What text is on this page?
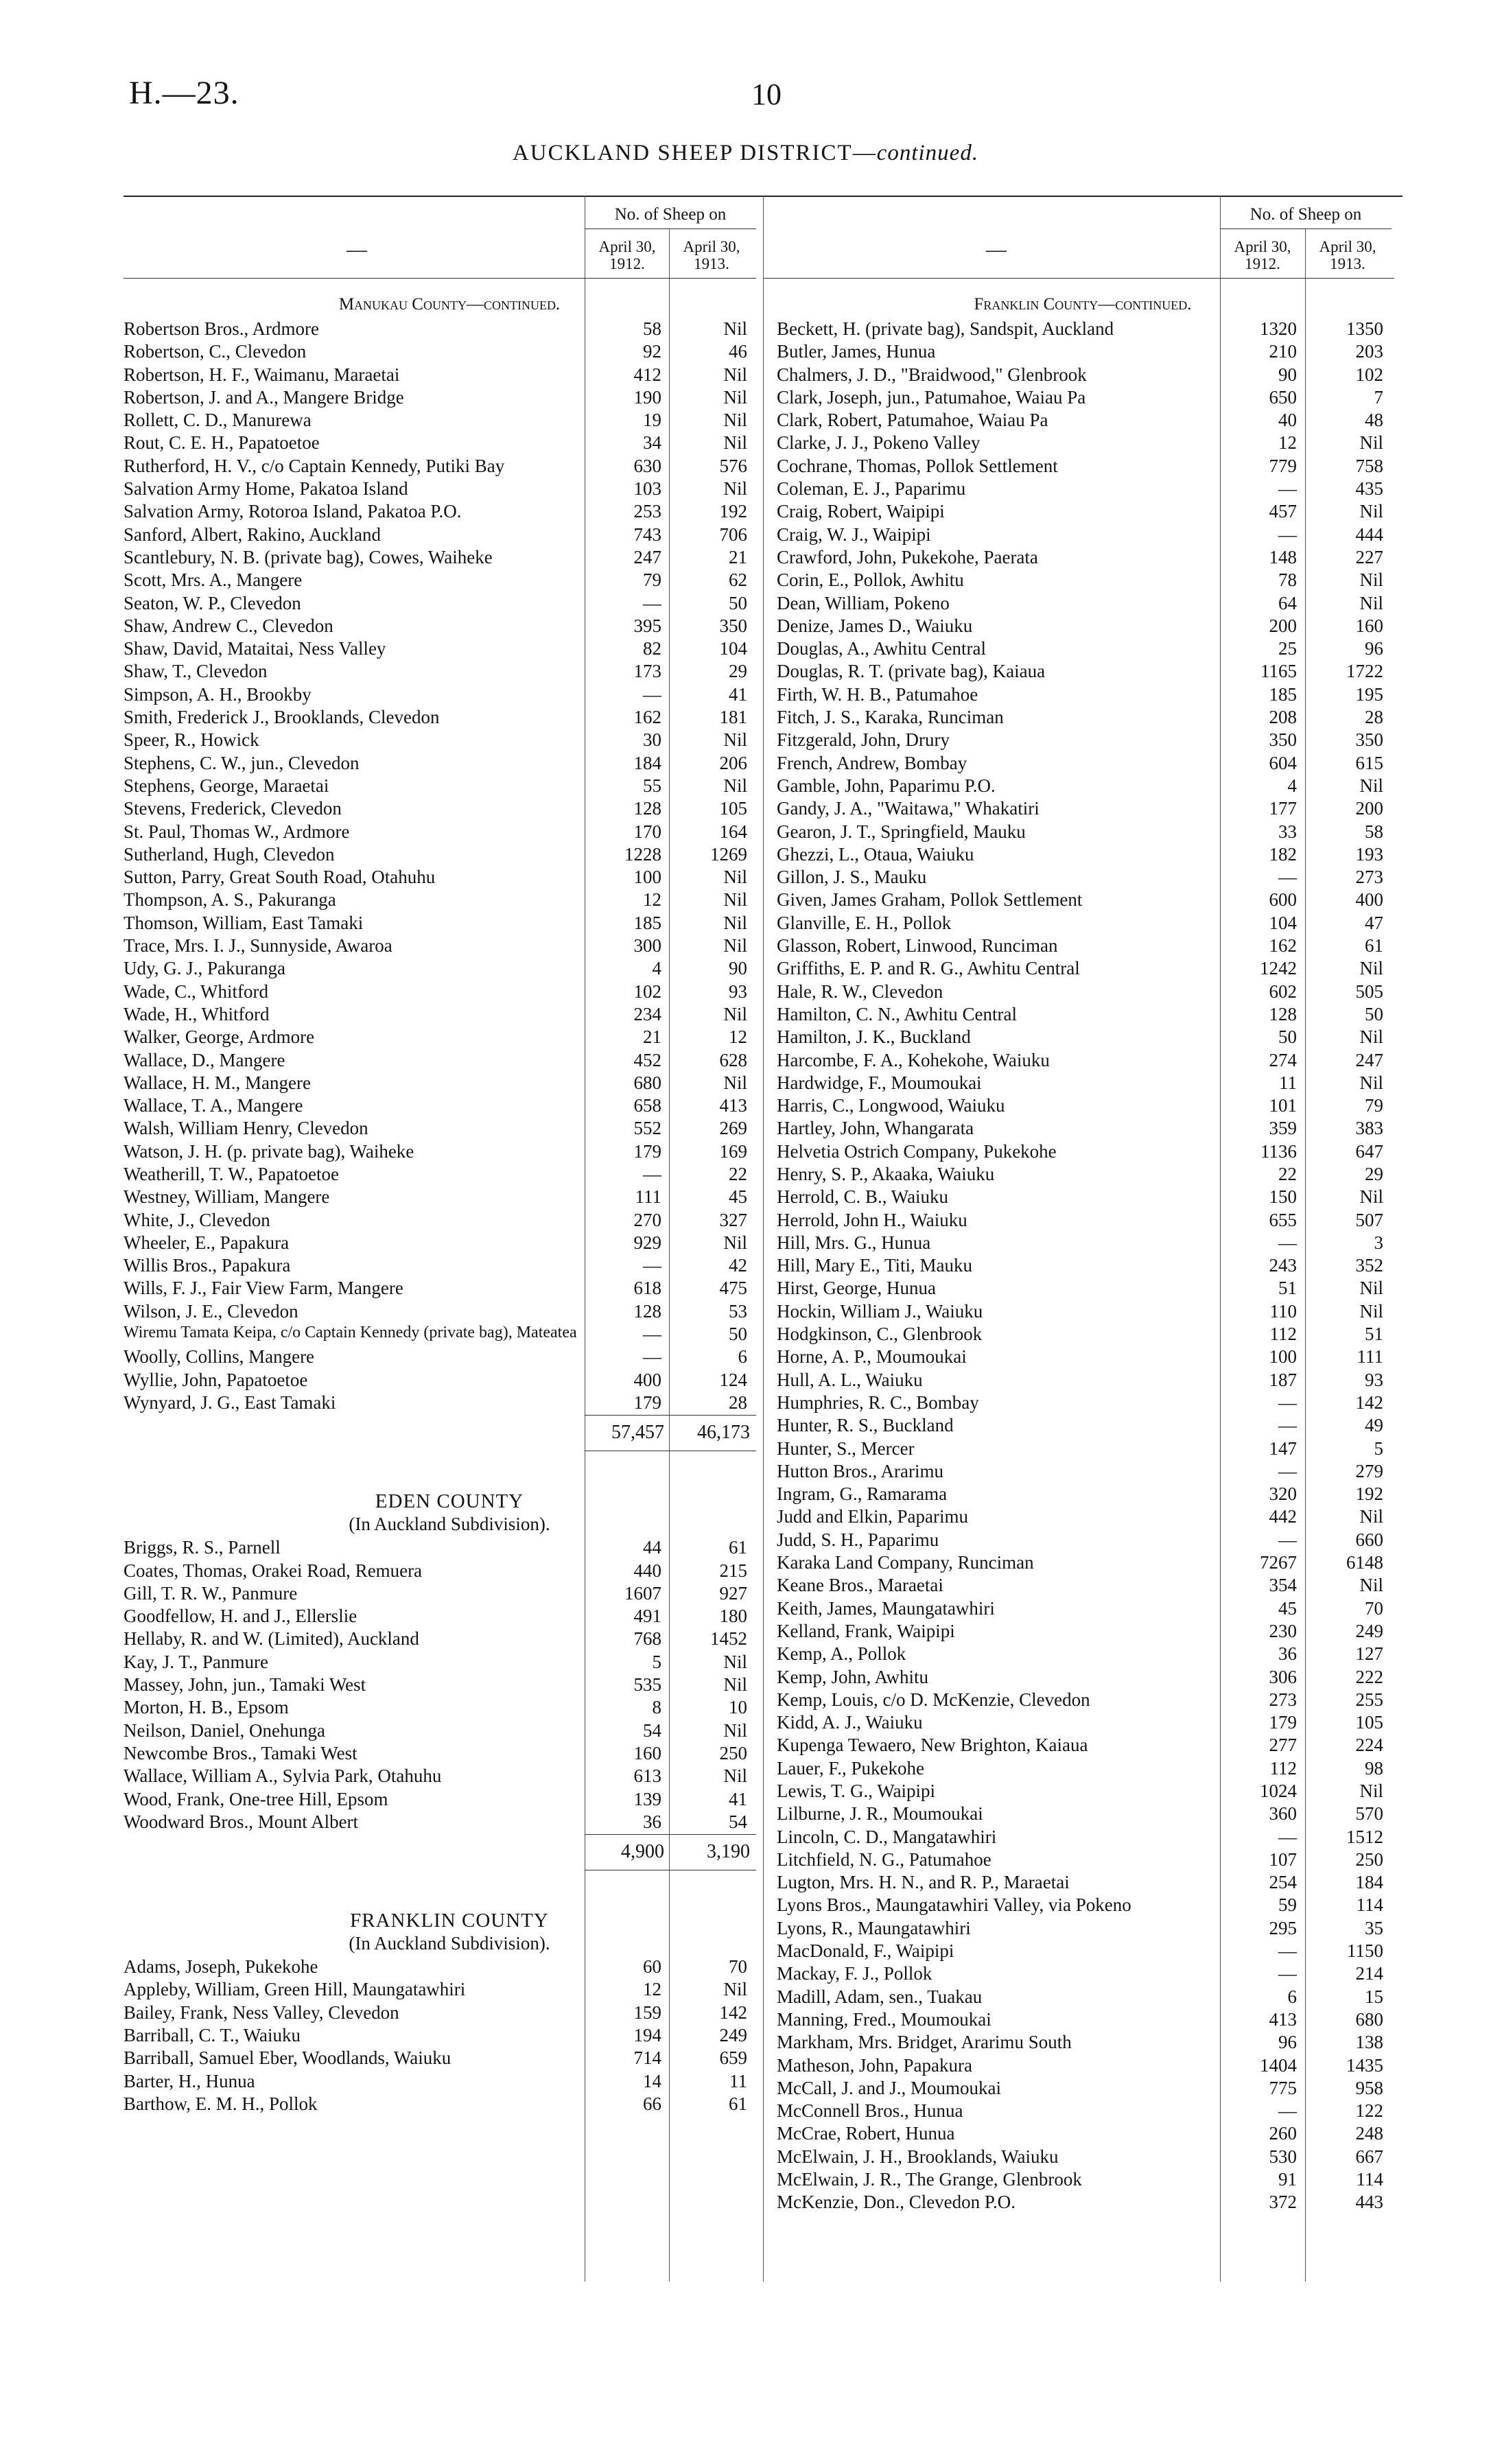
H.—23.	10
AUCKLAND SHEEP DISTRICT—continued.
—
No. of Sheep on
April 30, 1912.
April 30, 1913.
Manukau County—continued.
Robertson Bros., Ardmore	58	Nil
Robertson, C., Clevedon	92	46
Robertson, H. F., Waimanu, Maraetai	412	Nil
Robertson, J. and A., Mangere Bridge	190	Nil
Rollett, C. D., Manurewa	19	Nil
Rout, C. E. H., Papatoetoe	34	Nil
Rutherford, H. V., c/o Captain Kennedy, Putiki Bay	630	576
Salvation Army Home, Pakatoa Island	103	Nil
Salvation Army, Rotoroa Island, Pakatoa P.O.	253	192
Sanford, Albert, Rakino, Auckland	743	706
Scantlebury, N. B. (private bag), Cowes, Waiheke	247	21
Scott, Mrs. A., Mangere	79	62
Seaton, W. P., Clevedon	—	50
Shaw, Andrew C., Clevedon	395	350
Shaw, David, Mataitai, Ness Valley	82	104
Shaw, T., Clevedon	173	29
Simpson, A. H., Brookby	—	41
Smith, Frederick J., Brooklands, Clevedon	162	181
Speer, R., Howick	30	Nil
Stephens, C. W., jun., Clevedon	184	206
Stephens, George, Maraetai	55	Nil
Stevens, Frederick, Clevedon	128	105
St. Paul, Thomas W., Ardmore	170	164
Sutherland, Hugh, Clevedon	1228	1269
Sutton, Parry, Great South Road, Otahuhu	100	Nil
Thompson, A. S., Pakuranga	12	Nil
Thomson, William, East Tamaki	185	Nil
Trace, Mrs. I. J., Sunnyside, Awaroa	300	Nil
Udy, G. J., Pakuranga	4	90
Wade, C., Whitford	102	93
Wade, H., Whitford	234	Nil
Walker, George, Ardmore	21	12
Wallace, D., Mangere	452	628
Wallace, H. M., Mangere	680	Nil
Wallace, T. A., Mangere	658	413
Walsh, William Henry, Clevedon	552	269
Watson, J. H. (p. private bag), Waiheke	179	169
Weatherill, T. W., Papatoetoe	—	22
Westney, William, Mangere	111	45
White, J., Clevedon	270	327
Wheeler, E., Papakura	929	Nil
Willis Bros., Papakura	—	42
Wills, F. J., Fair View Farm, Mangere	618	475
Wilson, J. E., Clevedon	128	53
Wiremu Tamata Keipa, c/o Captain Kennedy (private bag), Mateatea	—	50
Woolly, Collins, Mangere	—	6
Wyllie, John, Papatoetoe	400	124
Wynyard, J. G., East Tamaki	179	28
57,457	46,173
EDEN COUNTY
(In Auckland Subdivision).
Briggs, R. S., Parnell	44	61
Coates, Thomas, Orakei Road, Remuera	440	215
Gill, T. R. W., Panmure	1607	927
Goodfellow, H. and J., Ellerslie	491	180
Hellaby, R. and W. (Limited), Auckland	768	1452
Kay, J. T., Panmure	5	Nil
Massey, John, jun., Tamaki West	535	Nil
Morton, H. B., Epsom	8	10
Neilson, Daniel, Onehunga	54	Nil
Newcombe Bros., Tamaki West	160	250
Wallace, William A., Sylvia Park, Otahuhu	613	Nil
Wood, Frank, One-tree Hill, Epsom	139	41
Woodward Bros., Mount Albert	36	54
4,900	3,190
FRANKLIN COUNTY
(In Auckland Subdivision).
Adams, Joseph, Pukekohe	60	70
Appleby, William, Green Hill, Maungatawhiri	12	Nil
Bailey, Frank, Ness Valley, Clevedon	159	142
Barriball, C. T., Waiuku	194	249
Barriball, Samuel Eber, Woodlands, Waiuku	714	659
Barter, H., Hunua	14	11
Barthow, E. M. H., Pollok	66	61
—
No. of Sheep on
April 30, 1912.
April 30, 1913.
Franklin County—continued.
Beckett, H. (private bag), Sandspit, Auckland	1320	1350
Butler, James, Hunua	210	203
Chalmers, J. D., "Braidwood," Glenbrook	90	102
Clark, Joseph, jun., Patumahoe, Waiau Pa	650	7
Clark, Robert, Patumahoe, Waiau Pa	40	48
Clarke, J. J., Pokeno Valley	12	Nil
Cochrane, Thomas, Pollok Settlement	779	758
Coleman, E. J., Paparimu	—	435
Craig, Robert, Waipipi	457	Nil
Craig, W. J., Waipipi	—	444
Crawford, John, Pukekohe, Paerata	148	227
Corin, E., Pollok, Awhitu	78	Nil
Dean, William, Pokeno	64	Nil
Denize, James D., Waiuku	200	160
Douglas, A., Awhitu Central	25	96
Douglas, R. T. (private bag), Kaiaua	1165	1722
Firth, W. H. B., Patumahoe	185	195
Fitch, J. S., Karaka, Runciman	208	28
Fitzgerald, John, Drury	350	350
French, Andrew, Bombay	604	615
Gamble, John, Paparimu P.O.	4	Nil
Gandy, J. A., "Waitawa," Whakatiri	177	200
Gearon, J. T., Springfield, Mauku	33	58
Ghezzi, L., Otaua, Waiuku	182	193
Gillon, J. S., Mauku	—	273
Given, James Graham, Pollok Settlement	600	400
Glanville, E. H., Pollok	104	47
Glasson, Robert, Linwood, Runciman	162	61
Griffiths, E. P. and R. G., Awhitu Central	1242	Nil
Hale, R. W., Clevedon	602	505
Hamilton, C. N., Awhitu Central	128	50
Hamilton, J. K., Buckland	50	Nil
Harcombe, F. A., Kohekohe, Waiuku	274	247
Hardwidge, F., Moumoukai	11	Nil
Harris, C., Longwood, Waiuku	101	79
Hartley, John, Whangarata	359	383
Helvetia Ostrich Company, Pukekohe	1136	647
Henry, S. P., Akaaka, Waiuku	22	29
Herrold, C. B., Waiuku	150	Nil
Herrold, John H., Waiuku	655	507
Hill, Mrs. G., Hunua	—	3
Hill, Mary E., Titi, Mauku	243	352
Hirst, George, Hunua	51	Nil
Hockin, William J., Waiuku	110	Nil
Hodgkinson, C., Glenbrook	112	51
Horne, A. P., Moumoukai	100	111
Hull, A. L., Waiuku	187	93
Humphries, R. C., Bombay	—	142
Hunter, R. S., Buckland	—	49
Hunter, S., Mercer	147	5
Hutton Bros., Ararimu	—	279
Ingram, G., Ramarama	320	192
Judd and Elkin, Paparimu	442	Nil
Judd, S. H., Paparimu	—	660
Karaka Land Company, Runciman	7267	6148
Keane Bros., Maraetai	354	Nil
Keith, James, Maungatawhiri	45	70
Kelland, Frank, Waipipi	230	249
Kemp, A., Pollok	36	127
Kemp, John, Awhitu	306	222
Kemp, Louis, c/o D. McKenzie, Clevedon	273	255
Kidd, A. J., Waiuku	179	105
Kupenga Tewaero, New Brighton, Kaiaua	277	224
Lauer, F., Pukekohe	112	98
Lewis, T. G., Waipipi	1024	Nil
Lilburne, J. R., Moumoukai	360	570
Lincoln, C. D., Mangatawhiri	—	1512
Litchfield, N. G., Patumahoe	107	250
Lugton, Mrs. H. N., and R. P., Maraetai	254	184
Lyons Bros., Maungatawhiri Valley, via Pokeno	59	114
Lyons, R., Maungatawhiri	295	35
MacDonald, F., Waipipi	—	1150
Mackay, F. J., Pollok	—	214
Madill, Adam, sen., Tuakau	6	15
Manning, Fred., Moumoukai	413	680
Markham, Mrs. Bridget, Ararimu South	96	138
Matheson, John, Papakura	1404	1435
McCall, J. and J., Moumoukai	775	958
McConnell Bros., Hunua	—	122
McCrae, Robert, Hunua	260	248
McElwain, J. H., Brooklands, Waiuku	530	667
McElwain, J. R., The Grange, Glenbrook	91	114
McKenzie, Don., Clevedon P.O.	372	443
